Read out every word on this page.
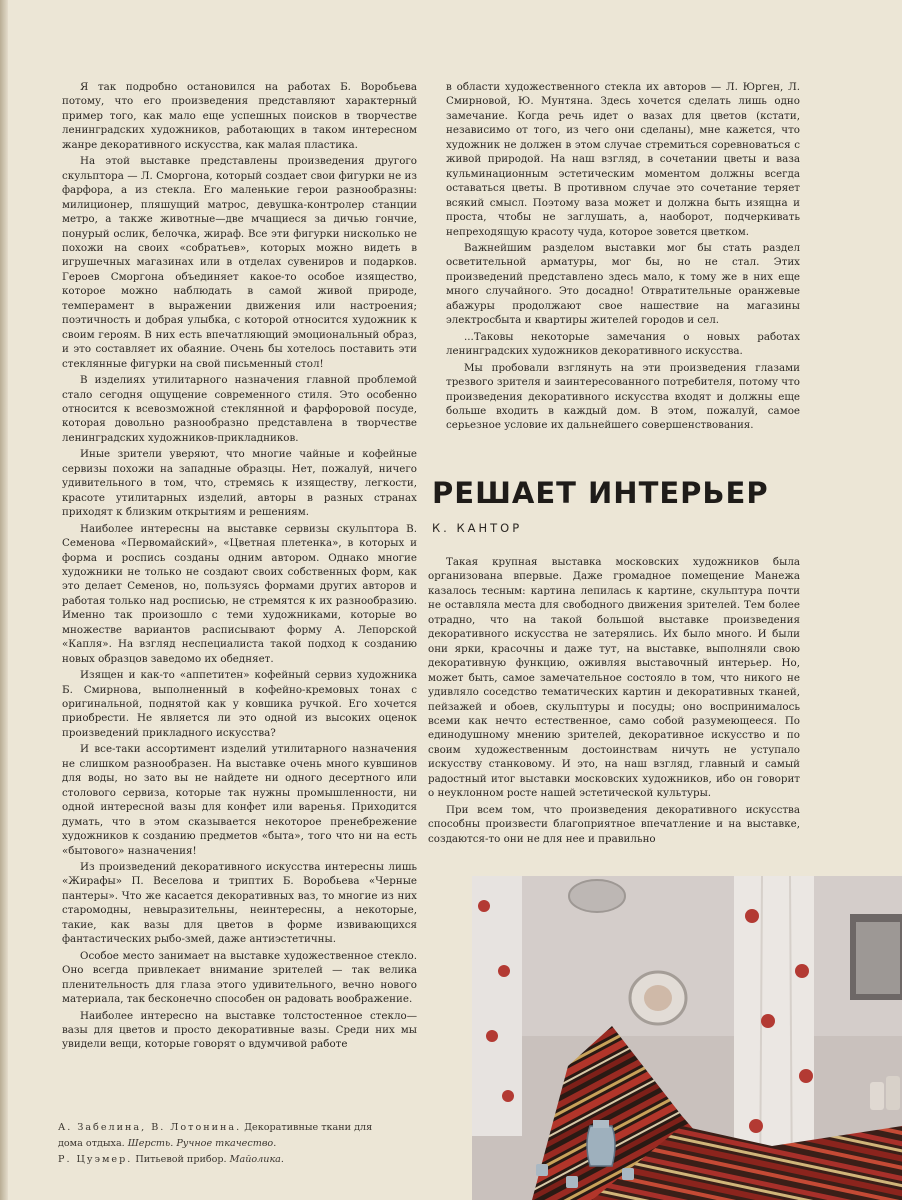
Я так подробно остановился на работах Б. Воробьева потому, что его произведения представляют характерный пример того, как мало еще успешных поисков в творчестве ленинградских художников, работающих в таком интересном жанре декоративного искусства, как малая пластика.

На этой выставке представлены произведения другого скульптора — Л. Сморгона, который создает свои фигурки не из фарфора, а из стекла. Его маленькие герои разнообразны: милиционер, пляшущий матрос, девушка-контролер станции метро, а также животные—две мчащиеся за дичью гончие, понурый ослик, белочка, жираф. Все эти фигурки нисколько не похожи на своих «собратьев», которых можно видеть в игрушечных магазинах или в отделах сувениров и подарков. Героев Сморгона объединяет какое-то особое изящество, которое можно наблюдать в самой живой природе, темперамент в выражении движения или настроения; поэтичность и добрая улыбка, с которой относится художник к своим героям. В них есть впечатляющий эмоциональный образ, и это составляет их обаяние. Очень бы хотелось поставить эти стеклянные фигурки на свой письменный стол!

В изделиях утилитарного назначения главной проблемой стало сегодня ощущение современного стиля. Это особенно относится к всевозможной стеклянной и фарфоровой посуде, которая довольно разнообразно представлена в творчестве ленинградских художников-прикладников.

Иные зрители уверяют, что многие чайные и кофейные сервизы похожи на западные образцы. Нет, пожалуй, ничего удивительного в том, что, стремясь к изяществу, легкости, красоте утилитарных изделий, авторы в разных странах приходят к близким открытиям и решениям.

Наиболее интересны на выставке сервизы скульптора В. Семенова «Первомайский», «Цветная плетенка», в которых и форма и роспись созданы одним автором. Однако многие художники не только не создают своих собственных форм, как это делает Семенов, но, пользуясь формами других авторов и работая только над росписью, не стремятся к их разнообразию. Именно так произошло с теми художниками, которые во множестве вариантов расписывают форму А. Лепорской «Капля». На взгляд неспециалиста такой подход к созданию новых образцов заведомо их обедняет.

Изящен и как-то «аппетитен» кофейный сервиз художника Б. Смирнова, выполненный в кофейно-кремовых тонах с оригинальной, поднятой как у ковшика ручкой. Его хочется приобрести. Не является ли это одной из высоких оценок произведений прикладного искусства?

И все-таки ассортимент изделий утилитарного назначения не слишком разнообразен. На выставке очень много кувшинов для воды, но зато вы не найдете ни одного десертного или столового сервиза, которые так нужны промышленности, ни одной интересной вазы для конфет или варенья. Приходится думать, что в этом сказывается некоторое пренебрежение художников к созданию предметов «быта», того что ни на есть «бытового» назначения!

Из произведений декоративного искусства интересны лишь «Жирафы» П. Веселова и триптих Б. Воробьева «Черные пантеры». Что же касается декоративных ваз, то многие из них старомодны, невыразительны, неинтересны, а некоторые, такие, как вазы для цветов в форме извивающихся фантастических рыбо-змей, даже антиэстетичны.

Особое место занимает на выставке художественное стекло. Оно всегда привлекает внимание зрителей — так велика пленительность для глаза этого удивительного, вечно нового материала, так бесконечно способен он радовать воображение.

Наиболее интересно на выставке толстостенное стекло—вазы для цветов и просто декоративные вазы. Среди них мы увидели вещи, которые говорят о вдумчивой работе

в области художественного стекла их авторов — Л. Юрген, Л. Смирновой, Ю. Мунтяна. Здесь хочется сделать лишь одно замечание. Когда речь идет о вазах для цветов (кстати, независимо от того, из чего они сделаны), мне кажется, что художник не должен в этом случае стремиться соревноваться с живой природой. На наш взгляд, в сочетании цветы и ваза кульминационным эстетическим моментом должны всегда оставаться цветы. В противном случае это сочетание теряет всякий смысл. Поэтому ваза может и должна быть изящна и проста, чтобы не заглушать, а, наоборот, подчеркивать непреходящую красоту чуда, которое зовется цветком.

Важнейшим разделом выставки мог бы стать раздел осветительной арматуры, мог бы, но не стал. Этих произведений представлено здесь мало, к тому же в них еще много случайного. Это досадно! Отвратительные оранжевые абажуры продолжают свое нашествие на магазины электросбыта и квартиры жителей городов и сел.

...Таковы некоторые замечания о новых работах ленинградских художников декоративного искусства.

Мы пробовали взглянуть на эти произведения глазами трезвого зрителя и заинтересованного потребителя, потому что произведения декоративного искусства входят и должны еще больше входить в каждый дом. В этом, пожалуй, самое серьезное условие их дальнейшего совершенствования.

РЕШАЕТ ИНТЕРЬЕР
К. КАНТОР

Такая крупная выставка московских художников была организована впервые. Даже громадное помещение Манежа казалось тесным: картина лепилась к картине, скульптура почти не оставляла места для свободного движения зрителей. Тем более отрадно, что на такой большой выставке произведения декоративного искусства не затерялись. Их было много. И были они ярки, красочны и даже тут, на выставке, выполняли свою декоративную функцию, оживляя выставочный интерьер. Но, может быть, самое замечательное состояло в том, что никого не удивляло соседство тематических картин и декоративных тканей, пейзажей и обоев, скульптуры и посуды; оно воспринималось всеми как нечто естественное, само собой разумеющееся. По единодушному мнению зрителей, декоративное искусство и по своим художественным достоинствам ничуть не уступало искусству станковому. И это, на наш взгляд, главный и самый радостный итог выставки московских художников, ибо он говорит о неуклонном росте нашей эстетической культуры.

При всем том, что произведения декоративного искусства способны произвести благоприятное впечатление и на выставке, создаются-то они не для нее и правильно

А. Забелина, В. Лотонина. Декоративные ткани для дома отдыха. Шерсть. Ручное ткачество.
Р. Цуэмер. Питьевой прибор. Майолика.
